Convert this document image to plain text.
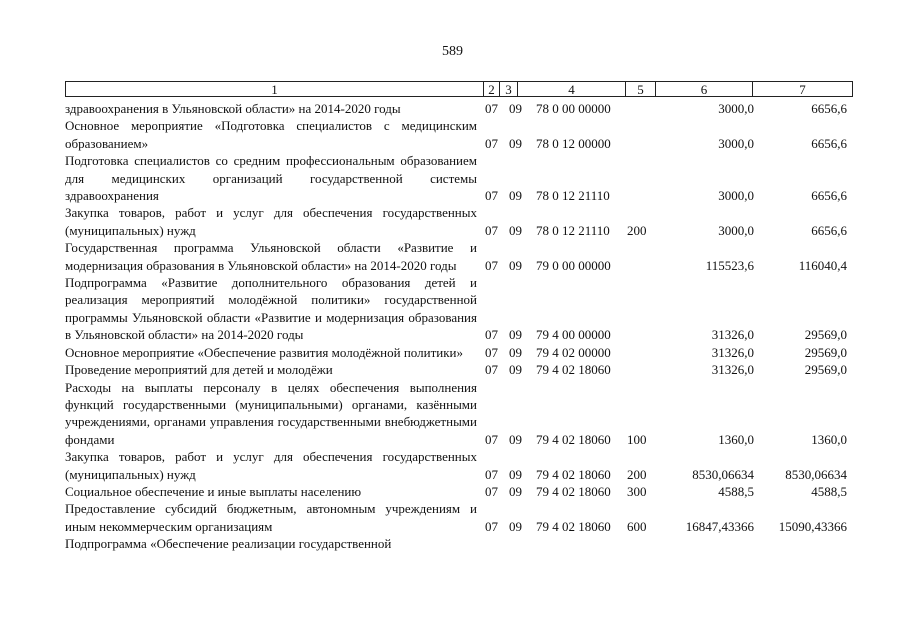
589
1	2 3	4	5	6	7
здравоохранения в Ульяновской области» на 2014-2020 годы	07 09 78 0 00 00000	3000,0	6656,6
Основное мероприятие «Подготовка специалистов с медицинским образованием»	07 09 78 0 12 00000	3000,0	6656,6
Подготовка специалистов со средним профессиональным образованием для медицинских организаций государственной системы здравоохранения	07 09 78 0 12 21110	3000,0	6656,6
Закупка товаров, работ и услуг для обеспечения государственных (муниципальных) нужд	07 09 78 0 12 21110 200	3000,0	6656,6
Государственная программа Ульяновской области «Развитие и модернизация образования в Ульяновской области» на 2014-2020 годы	07 09 79 0 00 00000	115523,6	116040,4
Подпрограмма «Развитие дополнительного образования детей и реализация мероприятий молодёжной политики» государственной программы Ульяновской области «Развитие и модернизация образования в Ульяновской области» на 2014-2020 годы	07 09 79 4 00 00000	31326,0	29569,0
Основное мероприятие «Обеспечение развития молодёжной политики»	07 09 79 4 02 00000	31326,0	29569,0
Проведение мероприятий для детей и молодёжи	07 09 79 4 02 18060	31326,0	29569,0
Расходы на выплаты персоналу в целях обеспечения выполнения функций государственными (муниципальными) органами, казёнными учреждениями, органами управления государственными внебюджетными фондами	07 09 79 4 02 18060 100	1360,0	1360,0
Закупка товаров, работ и услуг для обеспечения государственных (муниципальных) нужд	07 09 79 4 02 18060 200	8530,06634 8530,06634
Социальное обеспечение и иные выплаты населению	07 09 79 4 02 18060 300	4588,5	4588,5
Предоставление субсидий бюджетным, автономным учреждениям и иным некоммерческим организациям	07 09 79 4 02 18060 600	16847,43366 15090,43366
Подпрограмма «Обеспечение реализации государственной
